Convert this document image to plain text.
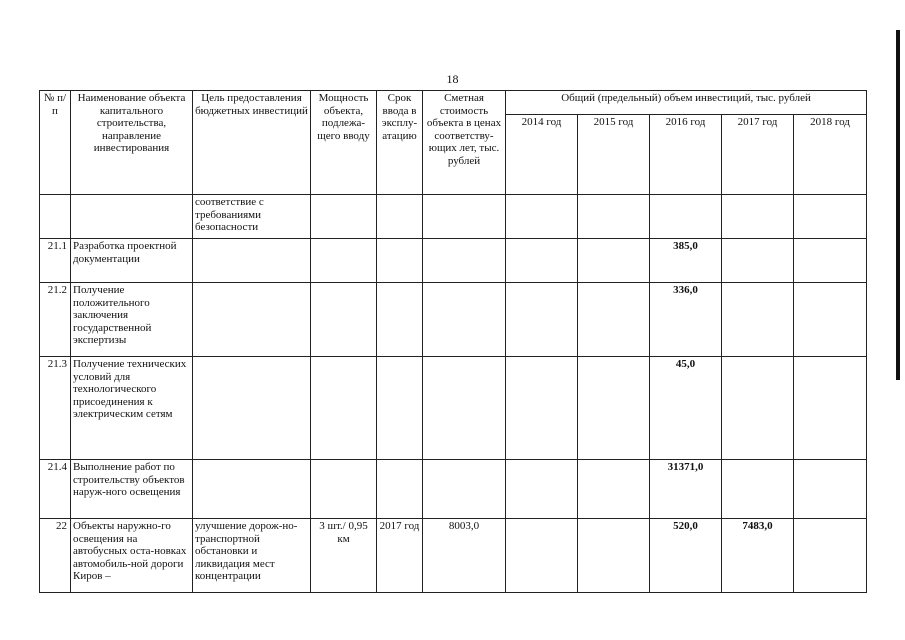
18
№ п/п	Наименование объекта капитального строительства, направление инвестирования	Цель предоставления бюджетных инвестиций	Мощность объекта, подлежа-щего вводу	Срок ввода в эксплу-атацию	Сметная стоимость объекта в ценах соответству-ющих лет, тыс. рублей	Общий (предельный) объем инвестиций, тыс. рублей				
						2014 год	2015 год	2016 год	2017 год	2018 год
		соответствие с требованиями безопасности								
21.1	Разработка проектной документации							385,0		
21.2	Получение положительного заключения государственной экспертизы							336,0		
21.3	Получение технических условий для технологического присоединения к электрическим сетям							45,0		
21.4	Выполнение работ по строительству объектов наруж-ного освещения							31371,0		
22	Объекты наружно-го освещения на автобусных оста-новках автомобиль-ной дороги Киров –	улучшение дорож-но-транспортной обстановки и ликвидация мест концентрации	3 шт./ 0,95 км	2017 год	8003,0			520,0	7483,0	
